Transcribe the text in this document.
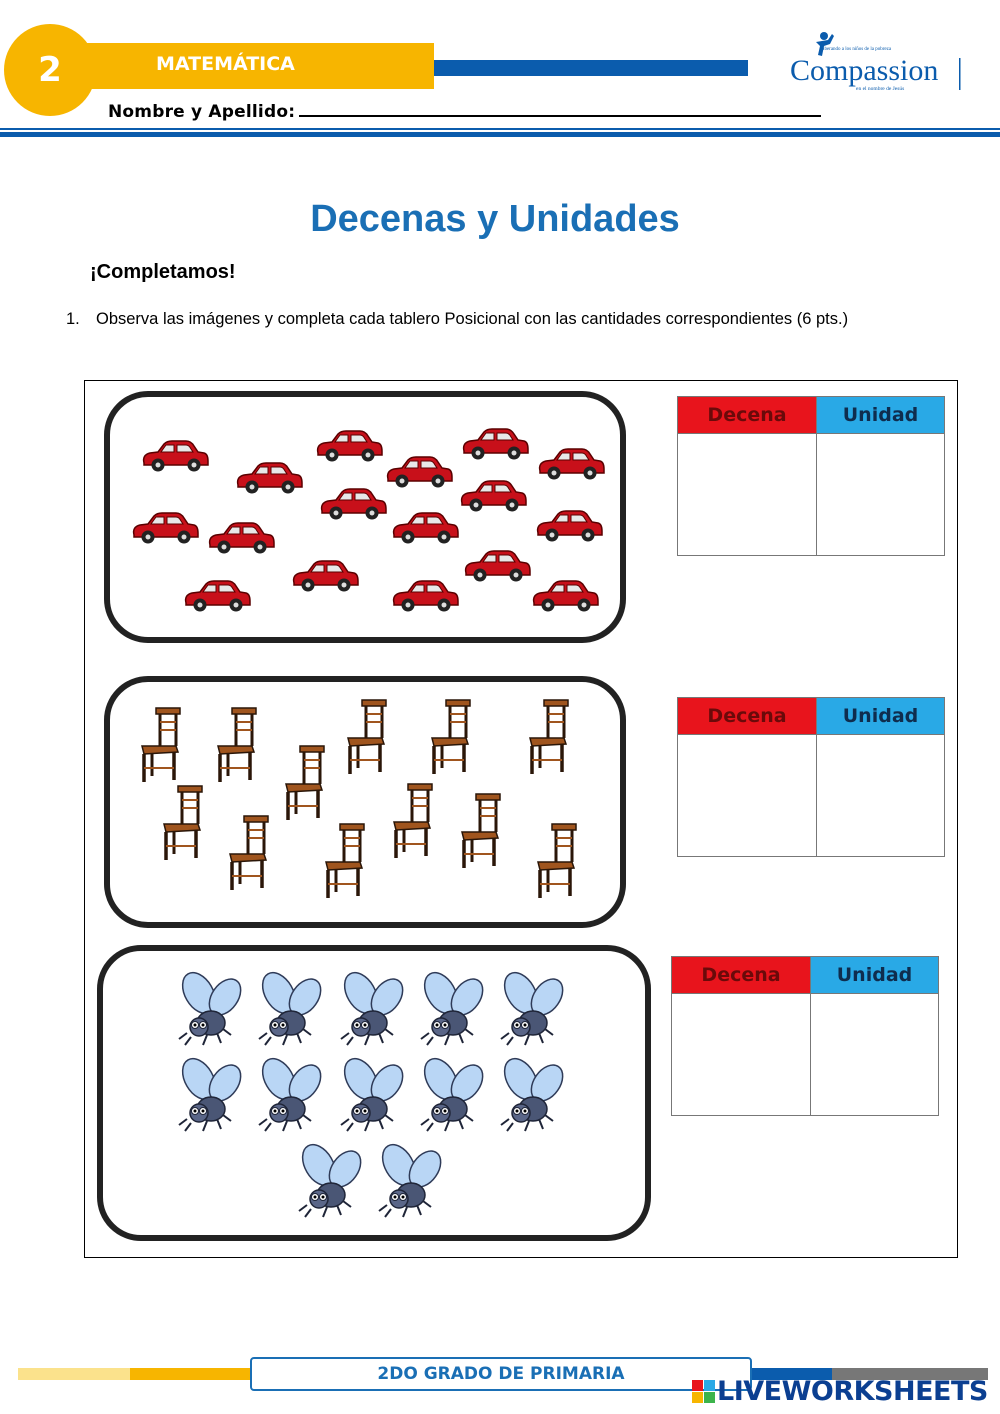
MATEMÁTICA
2
Liberando a los niños de la pobreza
Compassion
en el nombre de Jesús
Nombre y Apellido:
Decenas y Unidades
¡Completamos!
1. Observa las imágenes y completa cada tablero Posicional con las cantidades correspondientes (6 pts.)
Decena	Unidad
Decena	Unidad
Decena	Unidad
2DO GRADO DE PRIMARIA
LIVEWORKSHEETS
